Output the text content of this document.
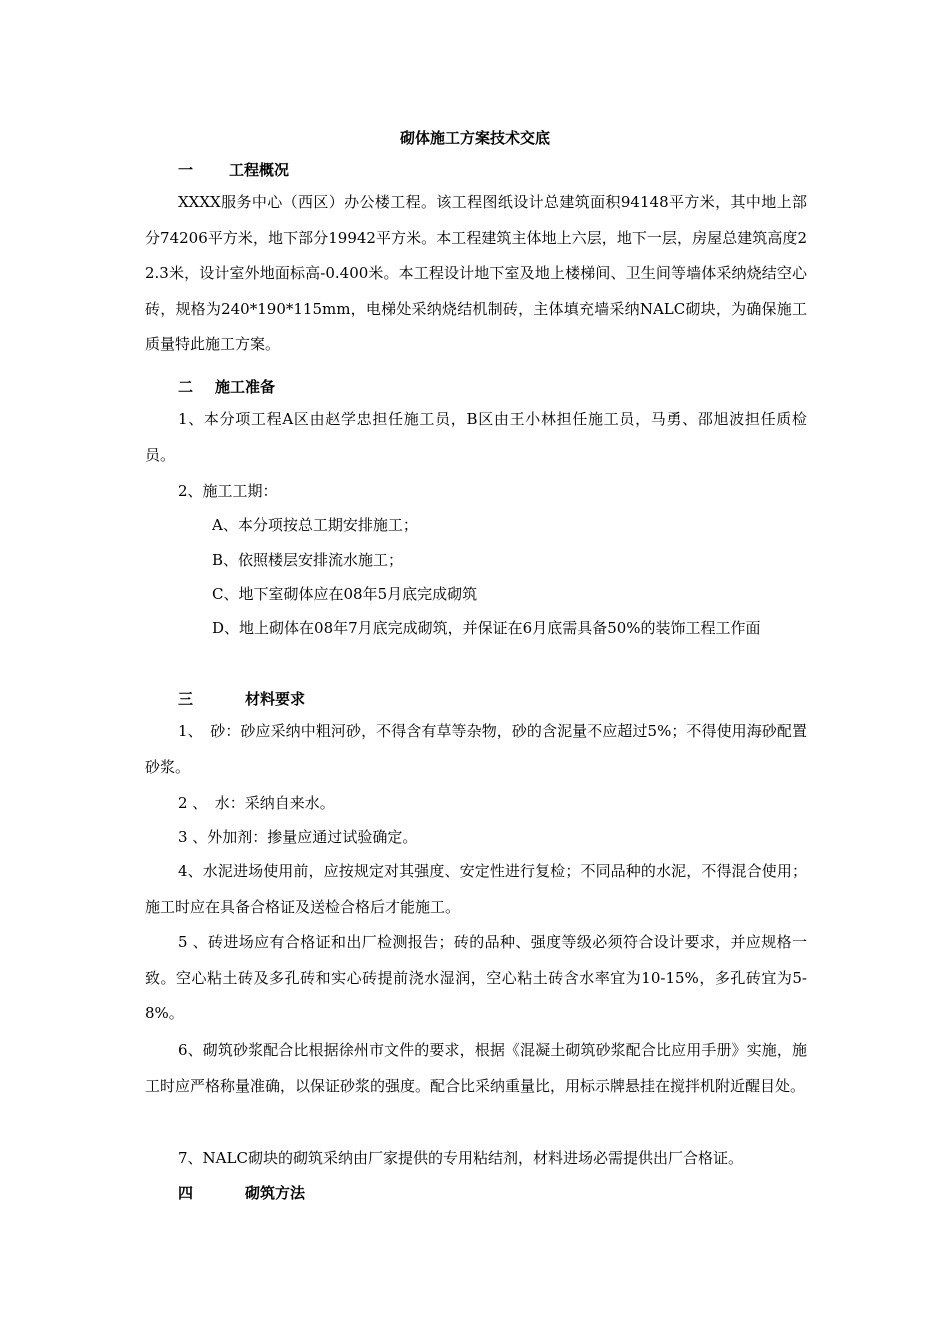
砌体施工方案技术交底
一 工程概况
XXXX服务中心（西区）办公楼工程。该工程图纸设计总建筑面积94148平方米，其中地上部分74206平方米，地下部分19942平方米。本工程建筑主体地上六层，地下一层，房屋总建筑高度22.3米，设计室外地面标高-0.400米。本工程设计地下室及地上楼梯间、卫生间等墙体采纳烧结空心砖，规格为240*190*115mm，电梯处采纳烧结机制砖，主体填充墙采纳NALC砌块，为确保施工质量特此施工方案。
二 施工准备
1、本分项工程A区由赵学忠担任施工员，B区由王小林担任施工员，马勇、邵旭波担任质检员。
2、施工工期：
A、本分项按总工期安排施工；
B、依照楼层安排流水施工；
C、地下室砌体应在08年5月底完成砌筑
D、地上砌体在08年7月底完成砌筑，并保证在6月底需具备50%的装饰工程工作面
三	材料要求
1、　砂：砂应采纳中粗河砂，不得含有草等杂物，砂的含泥量不应超过5%；不得使用海砂配置砂浆。
2 、　水：采纳自来水。
3 、外加剂：掺量应通过试验确定。
4、水泥进场使用前，应按规定对其强度、安定性进行复检；不同品种的水泥，不得混合使用；施工时应在具备合格证及送检合格后才能施工。
5 、砖进场应有合格证和出厂检测报告；砖的品种、强度等级必须符合设计要求，并应规格一致。空心粘土砖及多孔砖和实心砖提前浇水湿润，空心粘土砖含水率宜为10-15%，多孔砖宜为5-8%。
6、砌筑砂浆配合比根据徐州市文件的要求，根据《混凝土砌筑砂浆配合比应用手册》实施，施工时应严格称量准确，以保证砂浆的强度。配合比采纳重量比，用标示牌悬挂在搅拌机附近醒目处。
7、NALC砌块的砌筑采纳由厂家提供的专用粘结剂，材料进场必需提供出厂合格证。
四	砌筑方法
